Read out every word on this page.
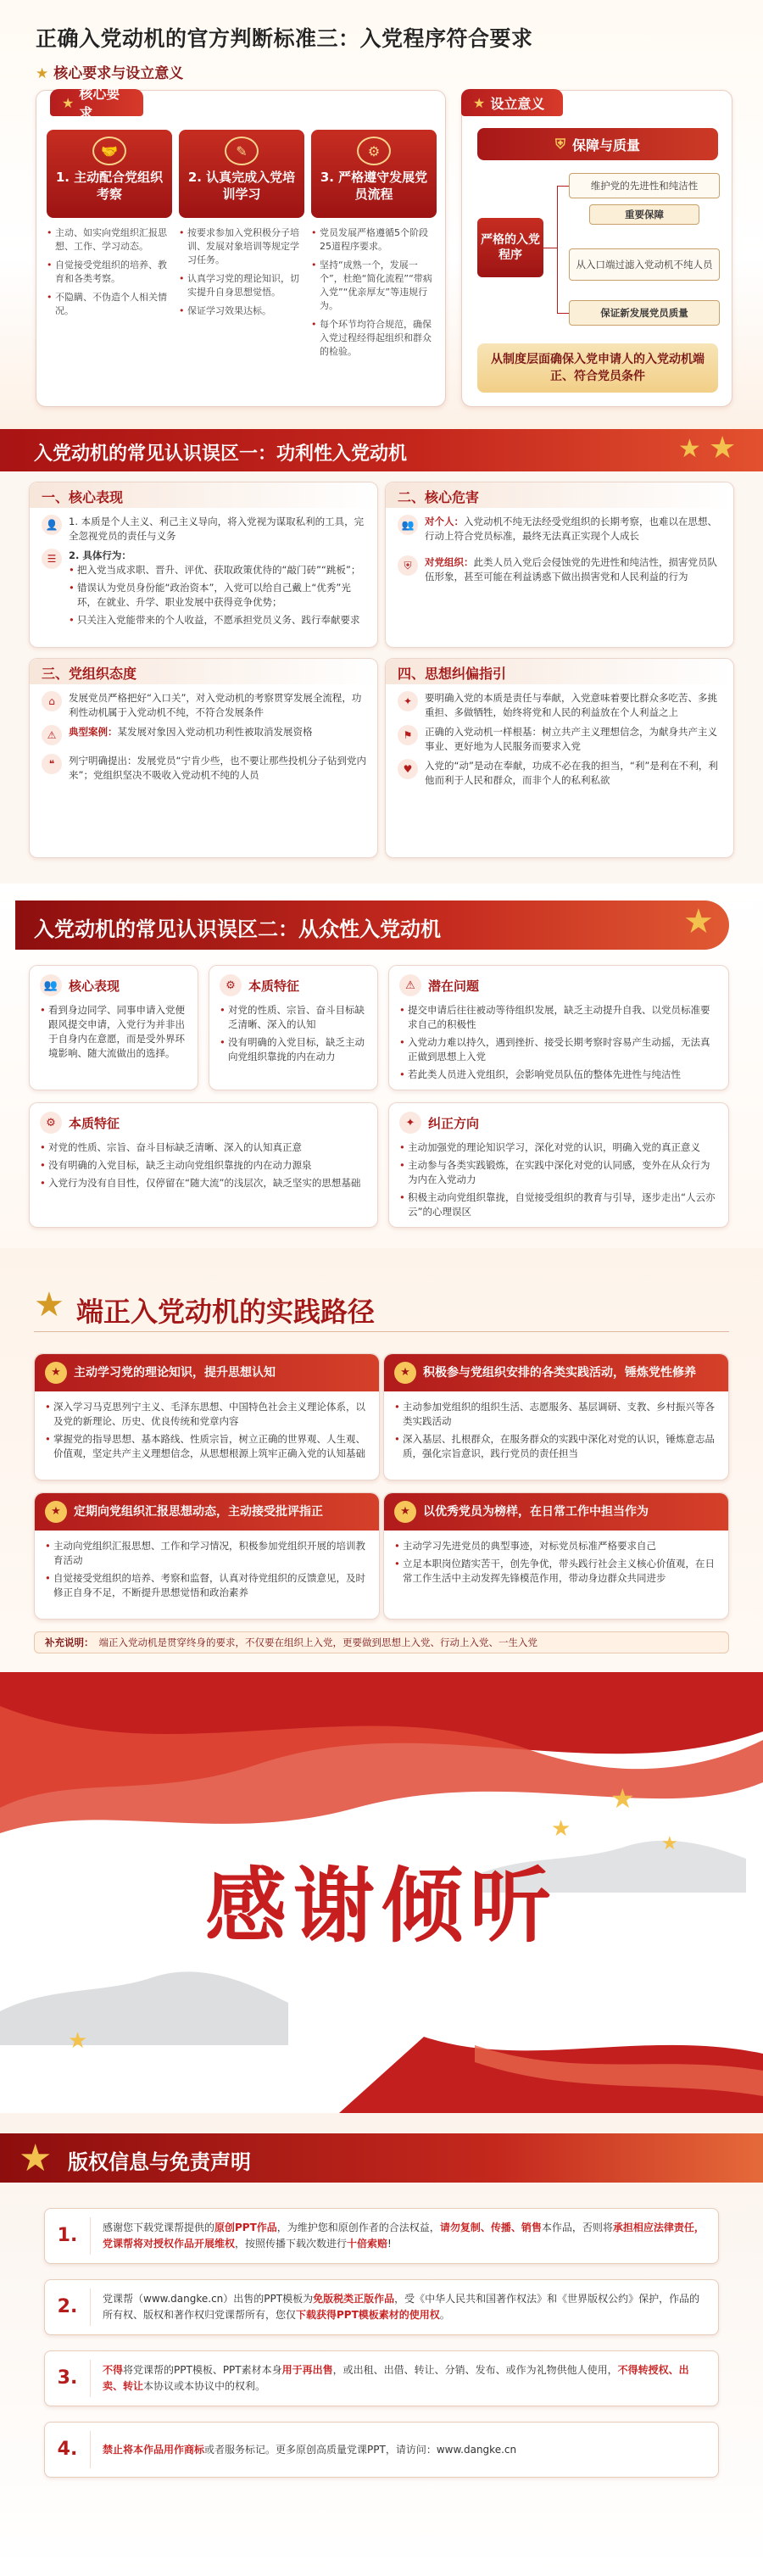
正确入党动机的官方判断标准三：入党程序符合要求
★ 核心要求与设立意义
★
核心要求
🤝
1. 主动配合党组织考察
• 主动、如实向党组织汇报思想、工作、学习动态。
• 自觉接受党组织的培养、教育和各类考察。
• 不隐瞒、不伪造个人相关情况。
✎
2. 认真完成入党培训学习
• 按要求参加入党积极分子培训、发展对象培训等规定学习任务。
• 认真学习党的理论知识，切实提升自身思想觉悟。
• 保证学习效果达标。
⚙
3. 严格遵守发展党员流程
• 党员发展严格遵循5个阶段25道程序要求。
• 坚持“成熟一个，发展一个”，杜绝“简化流程”“带病入党”“优亲厚友”等违规行为。
• 每个环节均符合规范，确保入党过程经得起组织和群众的检验。
★ 设立意义
⛨ 保障与质量
严格的入党程序
维护党的先进性和纯洁性
重要保障
从入口端过滤入党动机不纯人员
保证新发展党员质量
从制度层面确保入党申请人的入党动机端正、符合党员条件
入党动机的常见认识误区一：功利性入党动机	★ ★
一、核心表现
👤	1. 本质是个人主义、利己主义导向，将入党视为谋取私利的工具，完全忽视党员的责任与义务
☰	2. 具体行为：
• 把入党当成求职、晋升、评优、获取政策优待的“敲门砖”“跳板”；
• 错误认为党员身份能“政治资本”，入党可以给自己戴上“优秀”光环，在就业、升学、职业发展中获得竞争优势；
• 只关注入党能带来的个人收益，不愿承担党员义务、践行奉献要求
二、核心危害
👥	对个人：入党动机不纯无法经受党组织的长期考察，也难以在思想、行动上符合党员标准，最终无法真正实现个人成长
⛨	对党组织：此类人员入党后会侵蚀党的先进性和纯洁性，损害党员队伍形象，甚至可能在利益诱惑下做出损害党和人民利益的行为
三、党组织态度
⌂	发展党员严格把好“入口关”，对入党动机的考察贯穿发展全流程，功利性动机属于入党动机不纯，不符合发展条件
⚠	典型案例：某发展对象因入党动机功利性被取消发展资格
❝	列宁明确提出：发展党员“宁肯少些，也不要让那些投机分子钻到党内来”；党组织坚决不吸收入党动机不纯的人员
四、思想纠偏指引
✦	要明确入党的本质是责任与奉献，入党意味着要比群众多吃苦、多挑重担、多做牺牲，始终将党和人民的利益放在个人利益之上
⚑	正确的入党动机一样根基：树立共产主义理想信念，为献身共产主义事业、更好地为人民服务而要求入党
♥	入党的“动”是动在奉献，功成不必在我的担当，“利”是利在不利，利他而利于人民和群众，而非个人的私利私欲
入党动机的常见认识误区二：从众性入党动机	★
👥 核心表现
• 看到身边同学、同事申请入党便跟风提交申请，入党行为并非出于自身内在意愿，而是受外界环境影响、随大流做出的选择。
⚙	本质特征
• 对党的性质、宗旨、奋斗目标缺乏清晰、深入的认知
• 没有明确的入党目标，缺乏主动向党组织靠拢的内在动力
⚠	潜在问题
• 提交申请后往往被动等待组织发展，缺乏主动提升自我、以党员标准要求自己的积极性
• 入党动力难以持久，遇到挫折、接受长期考察时容易产生动摇，无法真正做到思想上入党
• 若此类人员进入党组织，会影响党员队伍的整体先进性与纯洁性
⚙	本质特征
• 对党的性质、宗旨、奋斗目标缺乏清晰、深入的认知真正意
• 没有明确的入党目标，缺乏主动向党组织靠拢的内在动力源泉
• 入党行为没有自目性，仅停留在“随大流”的浅层次，缺乏坚实的思想基础
✦	纠正方向
• 主动加强党的理论知识学习，深化对党的认识，明确入党的真正意义
• 主动参与各类实践锻炼，在实践中深化对党的认同感，变外在从众行为为内在入党动力
• 积极主动向党组织靠拢，自觉接受组织的教育与引导，逐步走出“人云亦云”的心理误区
★ 端正入党动机的实践路径
★	主动学习党的理论知识，提升思想认知
• 深入学习马克思列宁主义、毛泽东思想、中国特色社会主义理论体系，以及党的新理论、历史、优良传统和党章内容
• 掌握党的指导思想、基本路线、性质宗旨，树立正确的世界观、人生观、价值观，坚定共产主义理想信念，从思想根源上筑牢正确入党的认知基础
★	积极参与党组织安排的各类实践活动，锤炼党性修养
• 主动参加党组织的组织生活、志愿服务、基层调研、支教、乡村振兴等各类实践活动
• 深入基层、扎根群众，在服务群众的实践中深化对党的认识，锤炼意志品质，强化宗旨意识，践行党员的责任担当
★	定期向党组织汇报思想动态，主动接受批评指正
• 主动向党组织汇报思想、工作和学习情况，积极参加党组织开展的培训教育活动
• 自觉接受党组织的培养、考察和监督，认真对待党组织的反馈意见，及时修正自身不足，不断提升思想觉悟和政治素养
★	以优秀党员为榜样，在日常工作中担当作为
• 主动学习先进党员的典型事迹，对标党员标准严格要求自己
• 立足本职岗位踏实苦干，创先争优，带头践行社会主义核心价值观，在日常工作生活中主动发挥先锋模范作用，带动身边群众共同进步
补充说明： 端正入党动机是贯穿终身的要求，不仅要在组织上入党，更要做到思想上入党、行动上入党、一生入党
★
★
★
★
感谢倾听
★ 版权信息与免责声明
1.	感谢您下载党课帮提供的原创PPT作品，为维护您和原创作者的合法权益，请勿复制、传播、销售本作品，否则将承担相应法律责任，党课帮将对授权作品开展维权，按照传播下载次数进行十倍索赔!
2.	党课帮（www.dangke.cn）出售的PPT模板为免版税类正版作品，受《中华人民共和国著作权法》和《世界版权公约》保护，作品的所有权、版权和著作权归党课帮所有，您仅下载获得PPT模板素材的使用权。
3.	不得将党课帮的PPT模板、PPT素材本身用于再出售，或出租、出借、转让、分销、发布、或作为礼物供他人使用，不得转授权、出卖、转让本协议或本协议中的权利。
4.	禁止将本作品用作商标或者服务标记。更多原创高质量党课PPT，请访问：www.dangke.cn
